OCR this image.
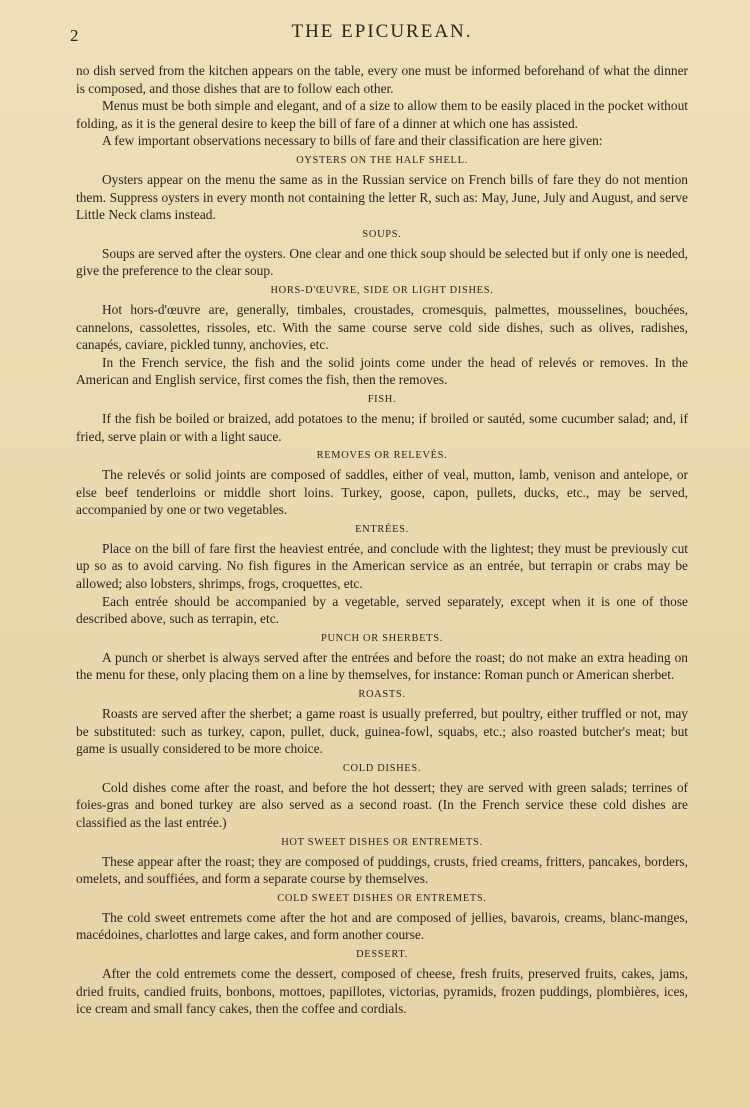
2	THE EPICUREAN.

no dish served from the kitchen appears on the table, every one must be informed beforehand of what the dinner is composed, and those dishes that are to follow each other.

Menus must be both simple and elegant, and of a size to allow them to be easily placed in the pocket without folding, as it is the general desire to keep the bill of fare of a dinner at which one has assisted.

A few important observations necessary to bills of fare and their classification are here given:

OYSTERS ON THE HALF SHELL.

Oysters appear on the menu the same as in the Russian service on French bills of fare they do not mention them. Suppress oysters in every month not containing the letter R, such as: May, June, July and August, and serve Little Neck clams instead.

SOUPS.

Soups are served after the oysters. One clear and one thick soup should be selected but if only one is needed, give the preference to the clear soup.

HORS-D'ŒUVRE, SIDE OR LIGHT DISHES.

Hot hors-d'œuvre are, generally, timbales, croustades, cromesquis, palmettes, mousselines, bouchées, cannelons, cassolettes, rissoles, etc. With the same course serve cold side dishes, such as olives, radishes, canapés, caviare, pickled tunny, anchovies, etc.

In the French service, the fish and the solid joints come under the head of relevés or removes. In the American and English service, first comes the fish, then the removes.

FISH.

If the fish be boiled or braized, add potatoes to the menu; if broiled or sautéd, some cucumber salad; and, if fried, serve plain or with a light sauce.

REMOVES OR RELEVÉS.

The relevés or solid joints are composed of saddles, either of veal, mutton, lamb, venison and antelope, or else beef tenderloins or middle short loins. Turkey, goose, capon, pullets, ducks, etc., may be served, accompanied by one or two vegetables.

ENTRÉES.

Place on the bill of fare first the heaviest entrée, and conclude with the lightest; they must be previously cut up so as to avoid carving. No fish figures in the American service as an entrée, but terrapin or crabs may be allowed; also lobsters, shrimps, frogs, croquettes, etc.

Each entrée should be accompanied by a vegetable, served separately, except when it is one of those described above, such as terrapin, etc.

PUNCH OR SHERBETS.

A punch or sherbet is always served after the entrées and before the roast; do not make an extra heading on the menu for these, only placing them on a line by themselves, for instance: Roman punch or American sherbet.

ROASTS.

Roasts are served after the sherbet; a game roast is usually preferred, but poultry, either truffled or not, may be substituted: such as turkey, capon, pullet, duck, guinea-fowl, squabs, etc.; also roasted butcher's meat; but game is usually considered to be more choice.

COLD DISHES.

Cold dishes come after the roast, and before the hot dessert; they are served with green salads; terrines of foies-gras and boned turkey are also served as a second roast. (In the French service these cold dishes are classified as the last entrée.)

HOT SWEET DISHES OR ENTREMETS.

These appear after the roast; they are composed of puddings, crusts, fried creams, fritters, pancakes, borders, omelets, and souffiées, and form a separate course by themselves.

COLD SWEET DISHES OR ENTREMETS.

The cold sweet entremets come after the hot and are composed of jellies, bavarois, creams, blanc-manges, macédoines, charlottes and large cakes, and form another course.

DESSERT.

After the cold entremets come the dessert, composed of cheese, fresh fruits, preserved fruits, cakes, jams, dried fruits, candied fruits, bonbons, mottoes, papillotes, victorias, pyramids, frozen puddings, plombières, ices, ice cream and small fancy cakes, then the coffee and cordials.
